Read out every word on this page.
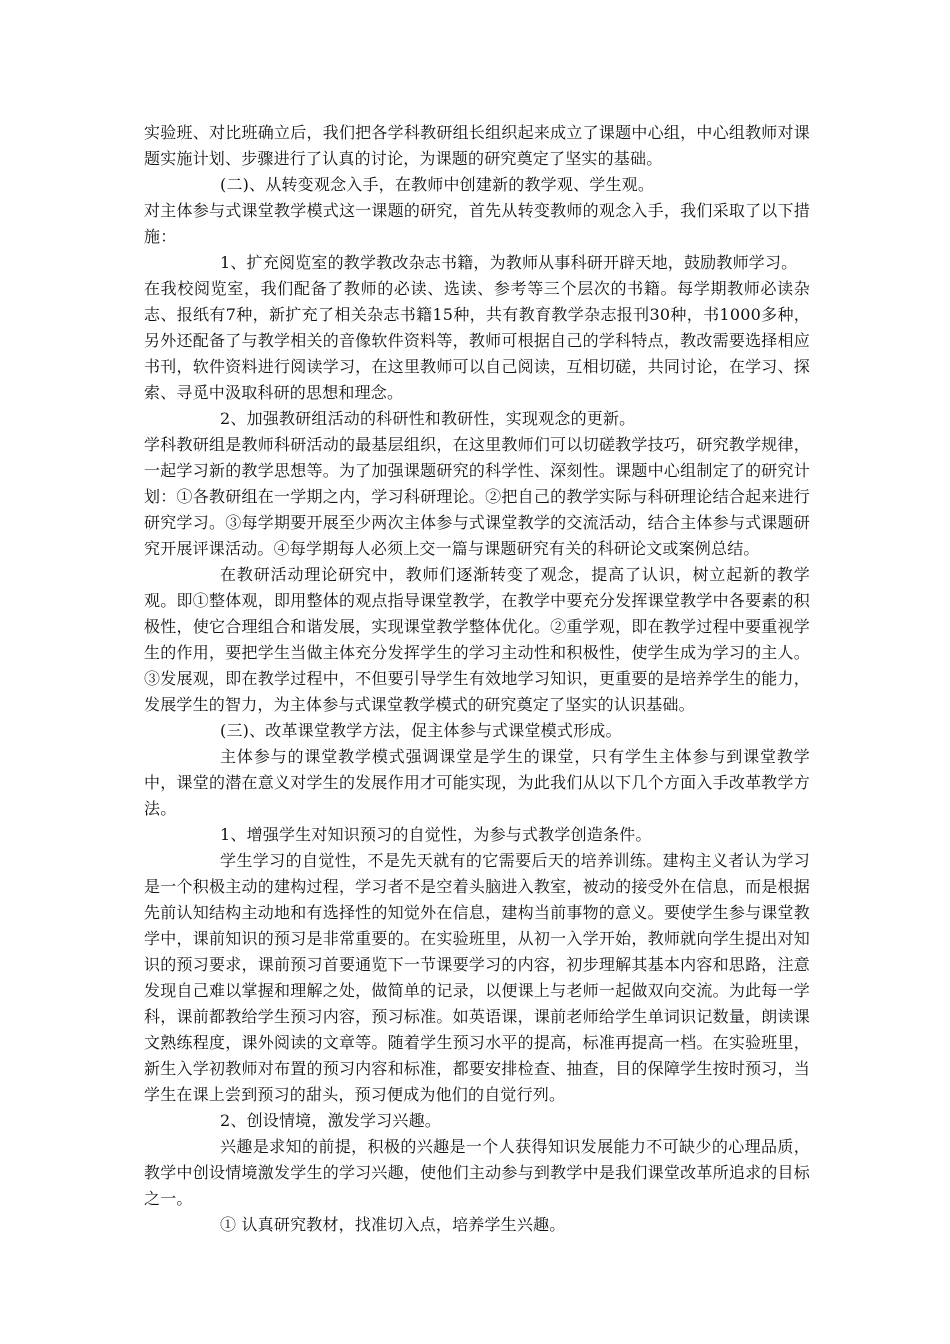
实验班、对比班确立后，我们把各学科教研组长组织起来成立了课题中心组，中心组教师对课题实施计划、步骤进行了认真的讨论，为课题的研究奠定了坚实的基础。

(二)、从转变观念入手，在教师中创建新的教学观、学生观。

对主体参与式课堂教学模式这一课题的研究，首先从转变教师的观念入手，我们采取了以下措施：

1、扩充阅览室的教学教改杂志书籍，为教师从事科研开辟天地，鼓励教师学习。

在我校阅览室，我们配备了教师的必读、选读、参考等三个层次的书籍。每学期教师必读杂志、报纸有7种，新扩充了相关杂志书籍15种，共有教育教学杂志报刊30种，书1000多种，另外还配备了与教学相关的音像软件资料等，教师可根据自己的学科特点，教改需要选择相应书刊，软件资料进行阅读学习，在这里教师可以自己阅读，互相切磋，共同讨论，在学习、探索、寻觅中汲取科研的思想和理念。

2、加强教研组活动的科研性和教研性，实现观念的更新。

学科教研组是教师科研活动的最基层组织，在这里教师们可以切磋教学技巧，研究教学规律，一起学习新的教学思想等。为了加强课题研究的科学性、深刻性。课题中心组制定了的研究计划：①各教研组在一学期之内，学习科研理论。②把自己的教学实际与科研理论结合起来进行研究学习。③每学期要开展至少两次主体参与式课堂教学的交流活动，结合主体参与式课题研究开展评课活动。④每学期每人必须上交一篇与课题研究有关的科研论文或案例总结。

在教研活动理论研究中，教师们逐渐转变了观念，提高了认识，树立起新的教学观。即①整体观，即用整体的观点指导课堂教学，在教学中要充分发挥课堂教学中各要素的积极性，使它合理组合和谐发展，实现课堂教学整体优化。②重学观，即在教学过程中要重视学生的作用，要把学生当做主体充分发挥学生的学习主动性和积极性，使学生成为学习的主人。③发展观，即在教学过程中，不但要引导学生有效地学习知识，更重要的是培养学生的能力，发展学生的智力，为主体参与式课堂教学模式的研究奠定了坚实的认识基础。

(三)、改革课堂教学方法，促主体参与式课堂模式形成。

主体参与的课堂教学模式强调课堂是学生的课堂，只有学生主体参与到课堂教学中，课堂的潜在意义对学生的发展作用才可能实现，为此我们从以下几个方面入手改革教学方法。

1、增强学生对知识预习的自觉性，为参与式教学创造条件。

学生学习的自觉性，不是先天就有的它需要后天的培养训练。建构主义者认为学习是一个积极主动的建构过程，学习者不是空着头脑进入教室，被动的接受外在信息，而是根据先前认知结构主动地和有选择性的知觉外在信息，建构当前事物的意义。要使学生参与课堂教学中，课前知识的预习是非常重要的。在实验班里，从初一入学开始，教师就向学生提出对知识的预习要求，课前预习首要通览下一节课要学习的内容，初步理解其基本内容和思路，注意发现自己难以掌握和理解之处，做简单的记录，以便课上与老师一起做双向交流。为此每一学科，课前都教给学生预习内容，预习标准。如英语课，课前老师给学生单词识记数量，朗读课文熟练程度，课外阅读的文章等。随着学生预习水平的提高，标准再提高一档。在实验班里，新生入学初教师对布置的预习内容和标准，都要安排检查、抽查，目的保障学生按时预习，当学生在课上尝到预习的甜头，预习便成为他们的自觉行列。

2、创设情境，激发学习兴趣。

兴趣是求知的前提，积极的兴趣是一个人获得知识发展能力不可缺少的心理品质，教学中创设情境激发学生的学习兴趣，使他们主动参与到教学中是我们课堂改革所追求的目标之一。

① 认真研究教材，找准切入点，培养学生兴趣。
